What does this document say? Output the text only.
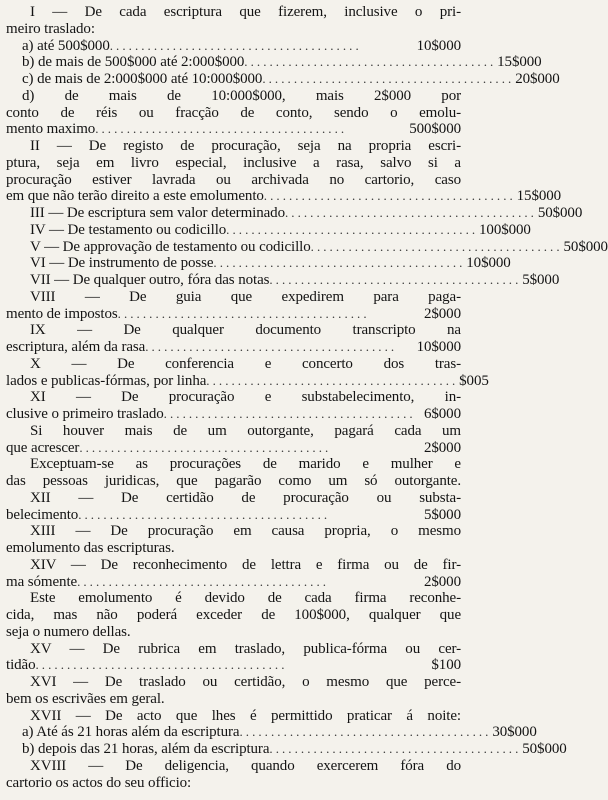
I — De cada escriptura que fizerem, inclusive o pri-
meiro traslado:
a) até 500$000 . . . . . . . . . . . . . . . . . . . . . . . . . . . . . . . . . . . . . . . .	10$000
b) de mais de 500$000 até 2:000$000 . . . . . . . . . . . . . . . . . . . . . . . . . . . . . . . . . . . . . . . . 15$000
c) de mais de 2:000$000 até 10:000$000 . . . . . . . . . . . . . . . . . . . . . . . . . . . . . . . . . . . . . . . . 20$000
d) de mais de 10:000$000, mais 2$000 por
conto de réis ou fracção de conto, sendo o emolu-
mento maximo . . . . . . . . . . . . . . . . . . . . . . . . . . . . . . . . . . . . . . . .	500$000
II — De registo de procuração, seja na propria escri-
ptura, seja em livro especial, inclusive a rasa, salvo si a
procuração estiver lavrada ou archivada no cartorio, caso
em que não terão direito a este emolumento . . . . . . . . . . . . . . . . . . . . . . . . . . . . . . . . . . . . . . . . 15$000
III — De escriptura sem valor determinado . . . . . . . . . . . . . . . . . . . . . . . . . . . . . . . . . . . . . . . . 50$000
IV — De testamento ou codicillo . . . . . . . . . . . . . . . . . . . . . . . . . . . . . . . . . . . . . . . . 100$000
V — De approvação de testamento ou codicillo . . . . . . . . . . . . . . . . . . . . . . . . . . . . . . . . . . . . . . . . 50$000
VI — De instrumento de posse . . . . . . . . . . . . . . . . . . . . . . . . . . . . . . . . . . . . . . . . 10$000
VII — De qualquer outro, fóra das notas . . . . . . . . . . . . . . . . . . . . . . . . . . . . . . . . . . . . . . . . 5$000
VIII — De guia que expedirem para paga-
mento de impostos . . . . . . . . . . . . . . . . . . . . . . . . . . . . . . . . . . . . . . . .	2$000
IX — De qualquer documento transcripto na
escriptura, além da rasa . . . . . . . . . . . . . . . . . . . . . . . . . . . . . . . . . . . . . . . .	10$000
X — De conferencia e concerto dos tras-
lados e publicas-fórmas, por linha . . . . . . . . . . . . . . . . . . . . . . . . . . . . . . . . . . . . . . . . $005
XI — De procuração e substabelecimento, in-
clusive o primeiro traslado . . . . . . . . . . . . . . . . . . . . . . . . . . . . . . . . . . . . . . . . 6$000
Si houver mais de um outorgante, pagará cada um
que acrescer . . . . . . . . . . . . . . . . . . . . . . . . . . . . . . . . . . . . . . . .	2$000
Exceptuam-se as procurações de marido e mulher e
das pessoas juridicas, que pagarão como um só outorgante.
XII — De certidão de procuração ou substa-
belecimento . . . . . . . . . . . . . . . . . . . . . . . . . . . . . . . . . . . . . . . .	5$000
XIII — De procuração em causa propria, o mesmo
emolumento das escripturas.
XIV — De reconhecimento de lettra e firma ou de fir-
ma sómente . . . . . . . . . . . . . . . . . . . . . . . . . . . . . . . . . . . . . . . .	2$000
Este emolumento é devido de cada firma reconhe-
cida, mas não poderá exceder de 100$000, qualquer que
seja o numero dellas.
XV — De rubrica em traslado, publica-fórma ou cer-
tidão . . . . . . . . . . . . . . . . . . . . . . . . . . . . . . . . . . . . . . . .	$100
XVI — De traslado ou certidão, o mesmo que perce-
bem os escrivães em geral.
XVII — De acto que lhes é permittido praticar á noite:
a) Até ás 21 horas além da escriptura . . . . . . . . . . . . . . . . . . . . . . . . . . . . . . . . . . . . . . . . 30$000
b) depois das 21 horas, além da escriptura . . . . . . . . . . . . . . . . . . . . . . . . . . . . . . . . . . . . . . . . 50$000
XVIII — De deligencia, quando exercerem fóra do
cartorio os actos do seu officio:
